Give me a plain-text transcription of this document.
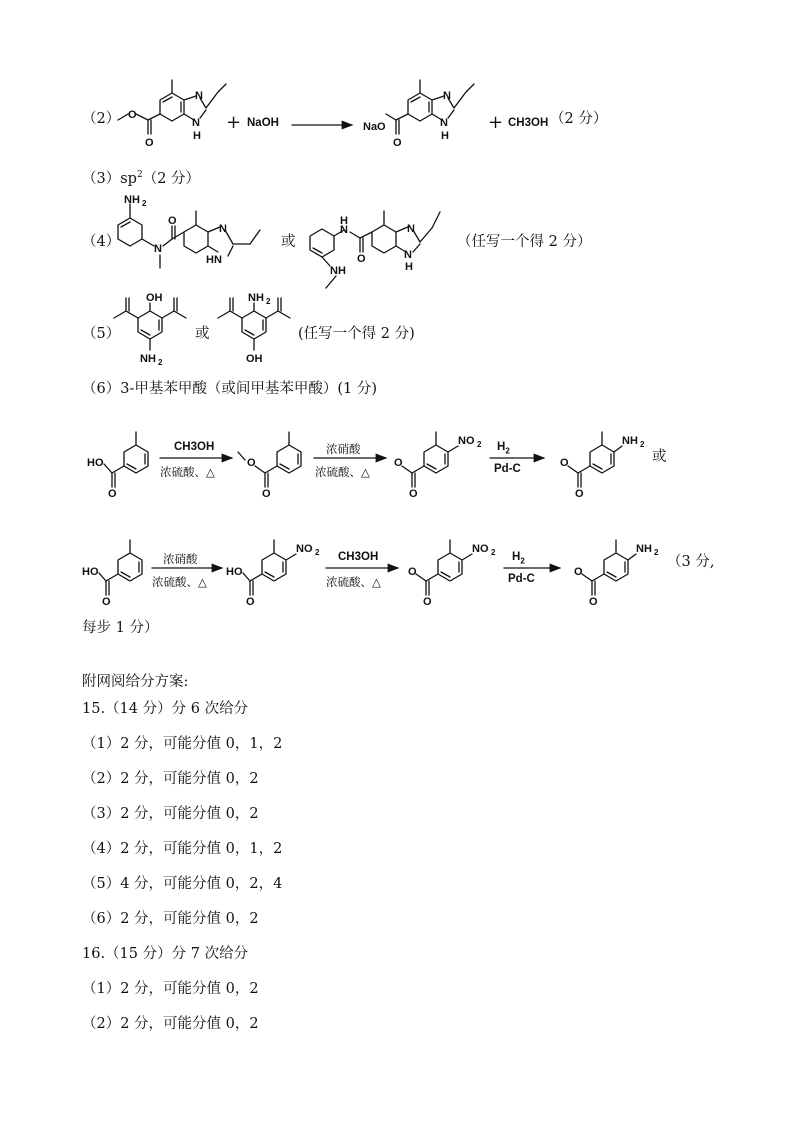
（2）	+ NaOH	+ CH3OH （2 分）
$(3)sp^2(2$ 分）
（4）	或	（任写一个得 2 分）
（5）	或	(任写一个得 2 分)
（6）3-甲基苯甲酸（或间甲基苯甲酸）(1 分)
CH3OH
浓硫酸、△
浓硝酸
浓硫酸、△
$H_2$
Pd-C
或
浓硝酸
浓硫酸、△
CH3OH
浓硫酸、△
$H_2$
Pd-C
（3 分,
每步 1 分）
附网阅给分方案:
15.（14 分）分 6 次给分
（1）2 分，可能分值 0，1，2
（2）2 分，可能分值 0，2
（3）2 分，可能分值 0，2
（4）2 分，可能分值 0，1，2
（5）4 分，可能分值 0，2，4
（6）2 分，可能分值 0，2
16.（15 分）分 7 次给分
（1）2 分，可能分值 0，2
（2）2 分，可能分值 0，2
N
N
H
O
O
N
N
H
NaO
O
NH 2
N
O
N
HN
H
N
O
N
N
H
NH
OH
NH 2
NH 2
OH
HO
O
O
O
NO 2
O
O
NH 2
O
O
HO
O
NO 2
HO
O
NO 2
O
O
NH 2
O
O
